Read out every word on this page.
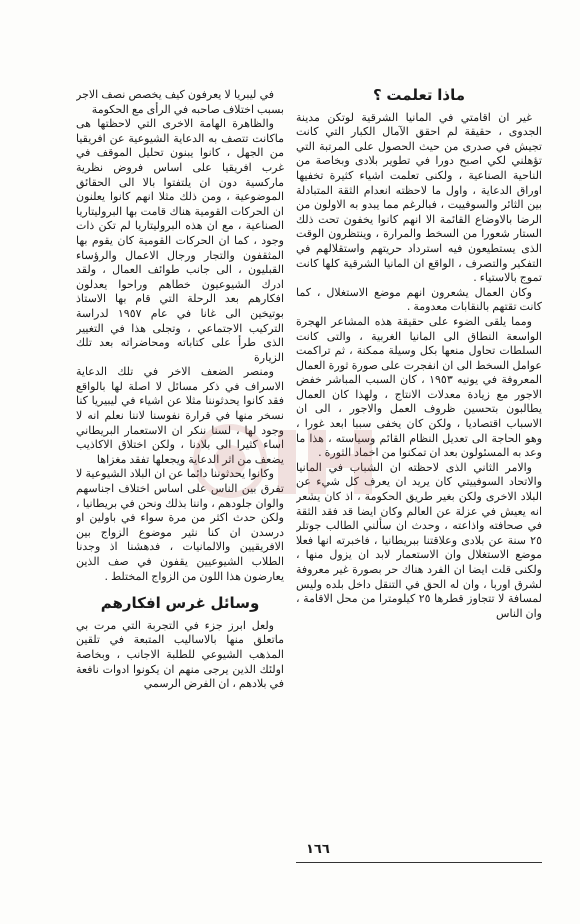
ماذا تعلمت ؟

غير ان اقامتي في المانيا الشرقية لوتكن مدينة الجدوى ، حقيقة لم احقق الآمال الكبار التي كانت تجيش في صدرى من حيث الحصول على المرتبة التي تؤهلني لكي اصبح دورا في تطوير بلادى وبخاصة من الناحية الصناعية ، ولكنى تعلمت اشياء كثيرة تخفيها اوراق الدعاية ، واول ما لاحظته انعدام الثقة المتبادلة بين الثائر والسوفييت ، فبالرغم مما يبدو به الاولون من الرضا بالاوضاع القائمة الا انهم كانوا يخفون تحت ذلك الستار شعورا من السخط والمرارة ، وينتظرون الوقت الذى يستطيعون فيه استرداد حريتهم واستقلالهم في التفكير والتصرف ، الواقع ان المانيا الشرقية كلها كانت تموج بالاستياء .

وكان العمال يشعرون انهم موضع الاستغلال ، كما كانت تقتهم بالنقابات معدومة .

ومما يلقى الضوء على حقيقة هذه المشاعر الهجرة الواسعة النطاق الى المانيا الغربية ، والتى كانت السلطات تحاول منعها بكل وسيلة ممكنة ، ثم تراكمت عوامل السخط الى ان انفجرت على صورة ثورة العمال المعروفة في يونيه ١٩٥٣ ، كان السبب المباشر خفض الاجور مع زيادة معدلات الانتاج ، ولهذا كان العمال يطالبون بتحسين ظروف العمل والاجور ، الى ان الاسباب اقتصاديا ، ولكن كان يخفى سببا ابعد غورا ، وهو الحاجة الى تعديل النظام القائم وسياسته ، هذا ما وعد به المسئولون بعد ان تمكنوا من اخماد الثورة .

والامر الثاني الذى لاحظته ان الشباب في المانيا والاتحاد السوفييتي كان يريد ان يعرف كل شيء عن البلاد الاخرى ولكن بغير طريق الحكومة ، اذ كان يشعر انه يعيش في عزلة عن العالم وكان ايضا قد فقد الثقة في صحافته واذاعته ، وحدث ان سألني الطالب جوتلر ٢٥ سنة عن بلادى وعلاقتنا ببريطانيا ، فاخبرته انها فعلا موضع الاستغلال وان الاستعمار لابد ان يزول منها ، ولكنى قلت ايضا ان الفرد هناك حر بصورة غير معروفة لشرق اوربا ، وان له الحق في التنقل داخل بلده وليس لمسافة لا تتجاوز قطرها ٢٥ كيلومترا من محل الاقامة ، وان الناس

في ليبريا لا يعرفون كيف يخصص نصف الاجر بسبب اختلاف صاحبه في الرأى مع الحكومة

والظاهرة الهامة الاخرى التي لاحظتها هى ماكانت تتصف به الدعاية الشيوعية عن افريقيا من الجهل ، كانوا يبنون تحليل الموقف في غرب افريقيا على اساس فروض نظرية ماركسية دون ان يلتفتوا بالا الى الحقائق الموضوعية ، ومن ذلك مثلا انهم كانوا يعلنون ان الحركات القومية هناك قامت بها البروليتاريا الصناعية ، مع ان هذه البروليتاريا لم تكن ذات وجود ، كما ان الحركات القومية كان يقوم بها المثقفون والتجار ورجال الاعمال والرؤساء القبليون ، الى جانب طوائف العمال ، ولقد ادرك الشيوعيون خطاهم وراحوا يعدلون افكارهم بعد الرحلة التي قام بها الاستاذ بوتيخين الى غانا في عام ١٩٥٧ لدراسة التركيب الاجتماعي ، وتجلى هذا في التغيير الذى طرأ على كتاباته ومحاضراته بعد تلك الزيارة

ومنصر الضعف الاخر في تلك الدعاية الاسراف في ذكر مسائل لا اصلة لها بالواقع فقد كانوا يحدثوننا مثلا عن اشياء في ليبيريا كنا نسخر منها في قرارة نفوسنا لاننا نعلم انه لا وجود لها ، لسنا ننكر ان الاستعمار البريطاني اساء كثيرا الى بلادنا ، ولكن اختلاق الاكاذيب يضعف من اثر الدعاية ويجعلها تفقد مغزاها

وكانوا يحدثوننا دائما عن ان البلاد الشيوعية لا تفرق بين الناس على اساس اختلاف اجناسهم والوان جلودهم ، واننا بذلك ونحن في بريطانيا ، ولكن حدث اكثر من مرة سواء في باولين او درسدن ان كنا نثير موضوع الزواج بين الافريقيين والالمانيات ، فدهشنا اذ وجدنا الطلاب الشيوعيين يقفون في صف الذين يعارضون هذا اللون من الزواج المختلط .

وسائل غرس افكارهم

ولعل ابرز جزء في التجربة التي مرت بي ماتعلق منها بالاساليب المتبعة في تلقين المذهب الشيوعي للطلبة الاجانب ، وبخاصة اولئك الذين يرجى منهم ان يكونوا ادوات نافعة في بلادهم ، ان الفرض الرسمي

١٦٦
